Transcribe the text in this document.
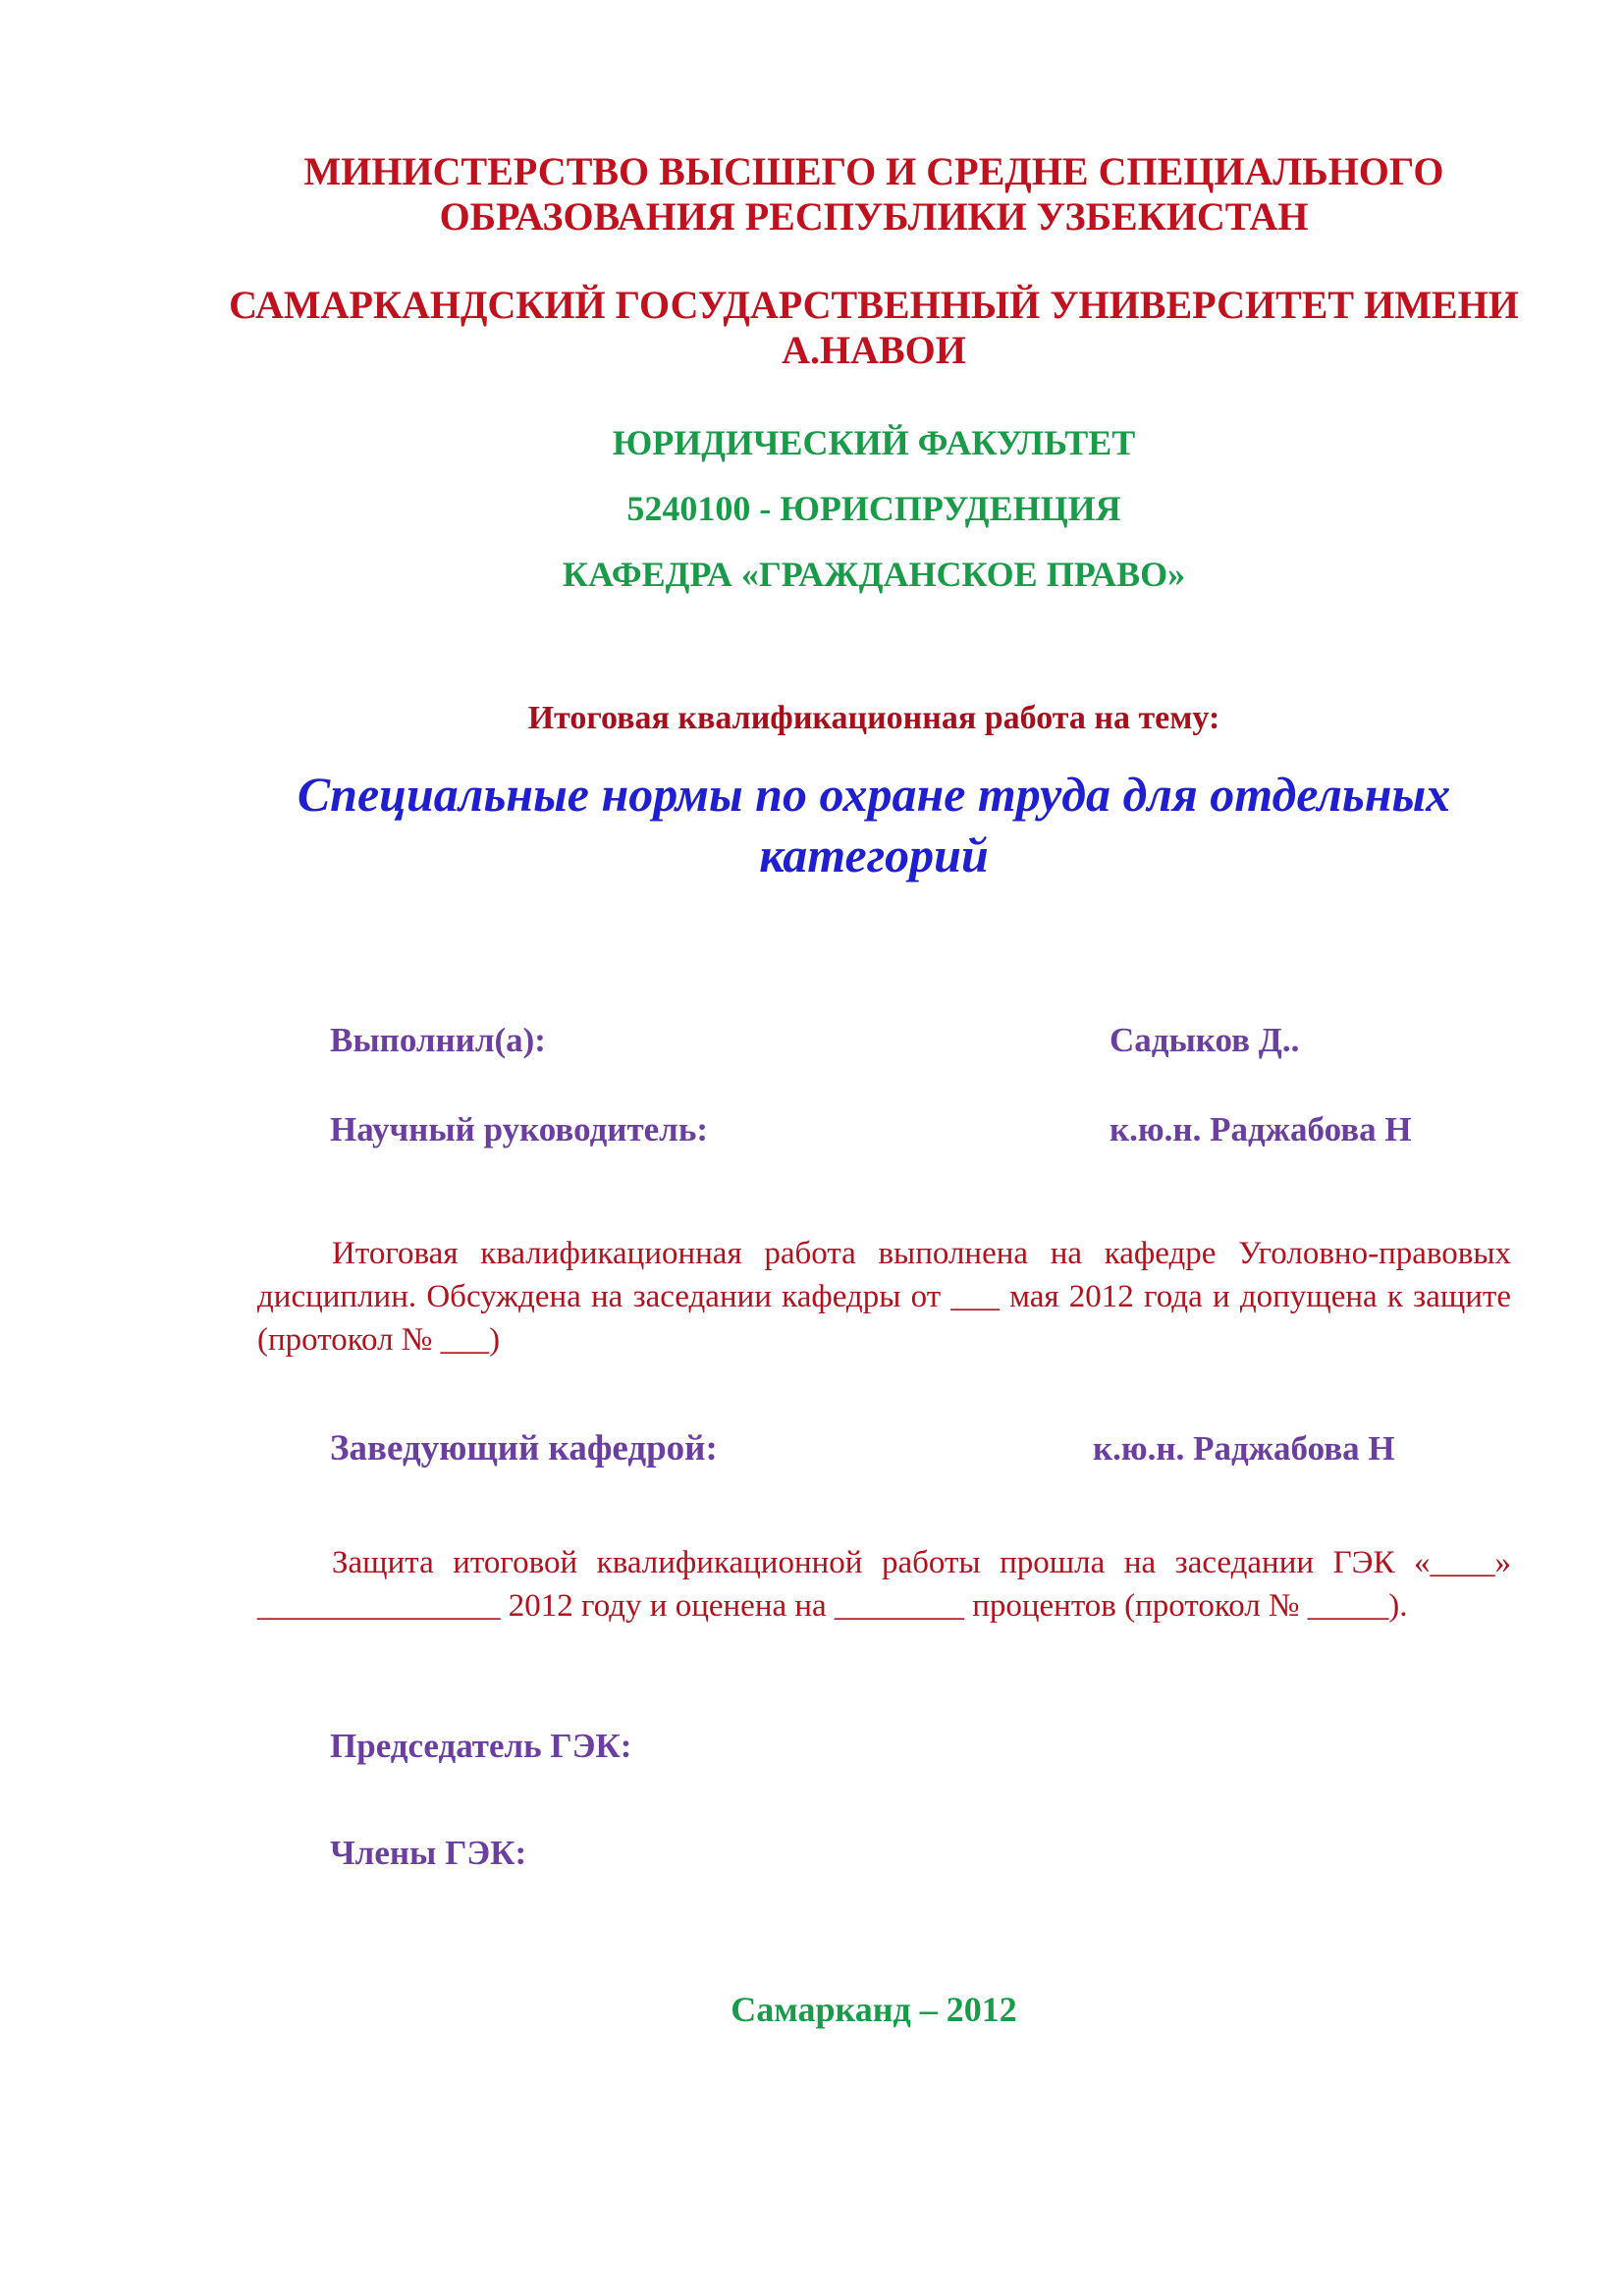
МИНИСТЕРСТВО ВЫСШЕГО И СРЕДНЕ СПЕЦИАЛЬНОГО ОБРАЗОВАНИЯ РЕСПУБЛИКИ УЗБЕКИСТАН

САМАРКАНДСКИЙ ГОСУДАРСТВЕННЫЙ УНИВЕРСИТЕТ ИМЕНИ А.НАВОИ

ЮРИДИЧЕСКИЙ ФАКУЛЬТЕТ

5240100 - ЮРИСПРУДЕНЦИЯ

КАФЕДРА «ГРАЖДАНСКОЕ ПРАВО»

Итоговая квалификационная работа на тему:

Специальные нормы по охране труда для отдельных категорий

Выполнил(а):	Садыков Д..
Научный руководитель:	к.ю.н. Раджабова Н

Итоговая квалификационная работа выполнена на кафедре Уголовно-правовых дисциплин. Обсуждена на заседании кафедры от ___ мая 2012 года и допущена к защите (протокол № ___)

Заведующий кафедрой:	к.ю.н. Раджабова Н

Защита итоговой квалификационной работы прошла на заседании ГЭК «____» _______________ 2012 году и оценена на ________ процентов (протокол № _____).

Председатель ГЭК:
Члены ГЭК:

Самарканд – 2012
